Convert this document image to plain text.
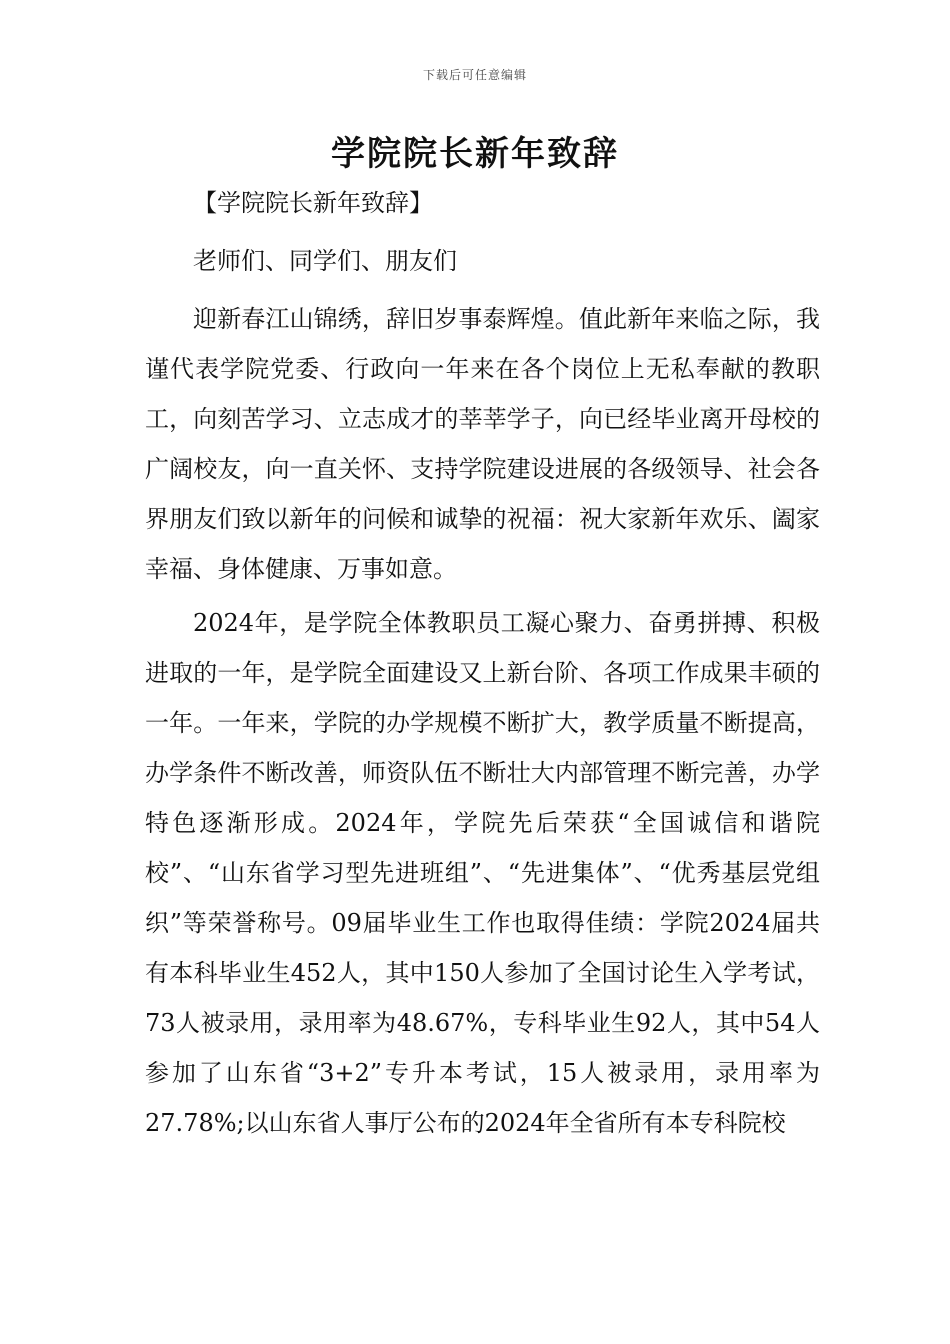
下载后可任意编辑
学院院长新年致辞

【学院院长新年致辞】

老师们、同学们、朋友们

迎新春江山锦绣，辞旧岁事泰辉煌。值此新年来临之际，我谨代表学院党委、行政向一年来在各个岗位上无私奉献的教职工，向刻苦学习、立志成才的莘莘学子，向已经毕业离开母校的广阔校友，向一直关怀、支持学院建设进展的各级领导、社会各界朋友们致以新年的问候和诚挚的祝福：祝大家新年欢乐、阖家幸福、身体健康、万事如意。

2024年，是学院全体教职员工凝心聚力、奋勇拼搏、积极进取的一年，是学院全面建设又上新台阶、各项工作成果丰硕的一年。一年来，学院的办学规模不断扩大，教学质量不断提高，办学条件不断改善，师资队伍不断壮大内部管理不断完善，办学特色逐渐形成。2024年，学院先后荣获“全国诚信和谐院校”、“山东省学习型先进班组”、“先进集体”、“优秀基层党组织”等荣誉称号。09届毕业生工作也取得佳绩：学院2024届共有本科毕业生452人，其中150人参加了全国讨论生入学考试，73人被录用，录用率为48.67%，专科毕业生92人，其中54人参加了山东省“3+2”专升本考试，15人被录用，录用率为27.78%;以山东省人事厅公布的2024年全省所有本专科院校
